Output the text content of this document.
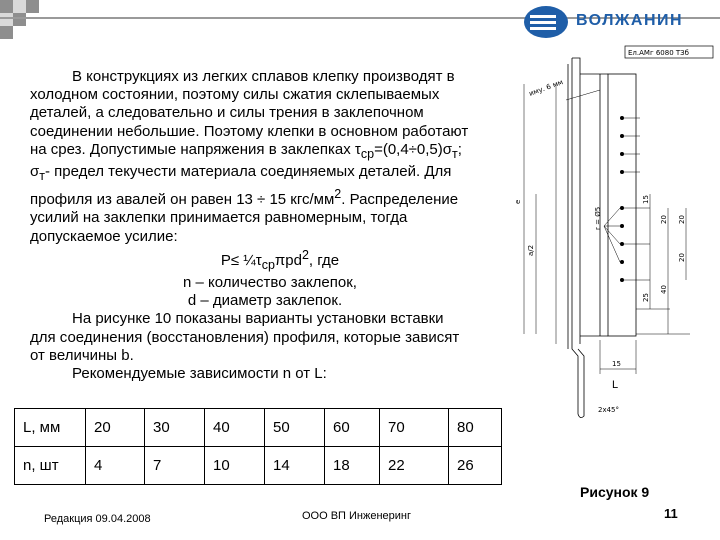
ВОЛЖАНИН

В конструкциях из легких сплавов клепку производят в холодном состоянии, поэтому силы сжатия склепываемых деталей, а следовательно и силы трения в заклепочном соединении небольшие. Поэтому клепки в основном работают на срез. Допустимые напряжения в заклепках $\tau_{ср}=(0,4\div 0,5)\sigma_т$; $\sigma_т-$ предел текучести материала соединяемых деталей. Для профиля из авалей он равен 13 ÷ 15 кгс/$мм^2$. Распределение усилий на заклепки принимается равномерным, тогда допускаемое усилие:

$P\le \frac{1}{4}\tau_{ср}\pi pd^2$, где

n – количество заклепок,

d – диаметр заклепок.

На рисунке 10 показаны варианты установки вставки для соединения (восстановления) профиля, которые зависят от величины b.

Рекомендуемые зависимости n от L:

L, мм	20	30	40	50	60	70	80
n, шт	4	7	10	14	18	22	26
Ел.АМг 6080 ТЗб
иму. 6 мм
e
a/2
r = Ø5
15
20 20
20
25
40
15
L
2х45°
Рисунок 9
Редакция 09.04.2008	ООО ВП Инженеринг	11
